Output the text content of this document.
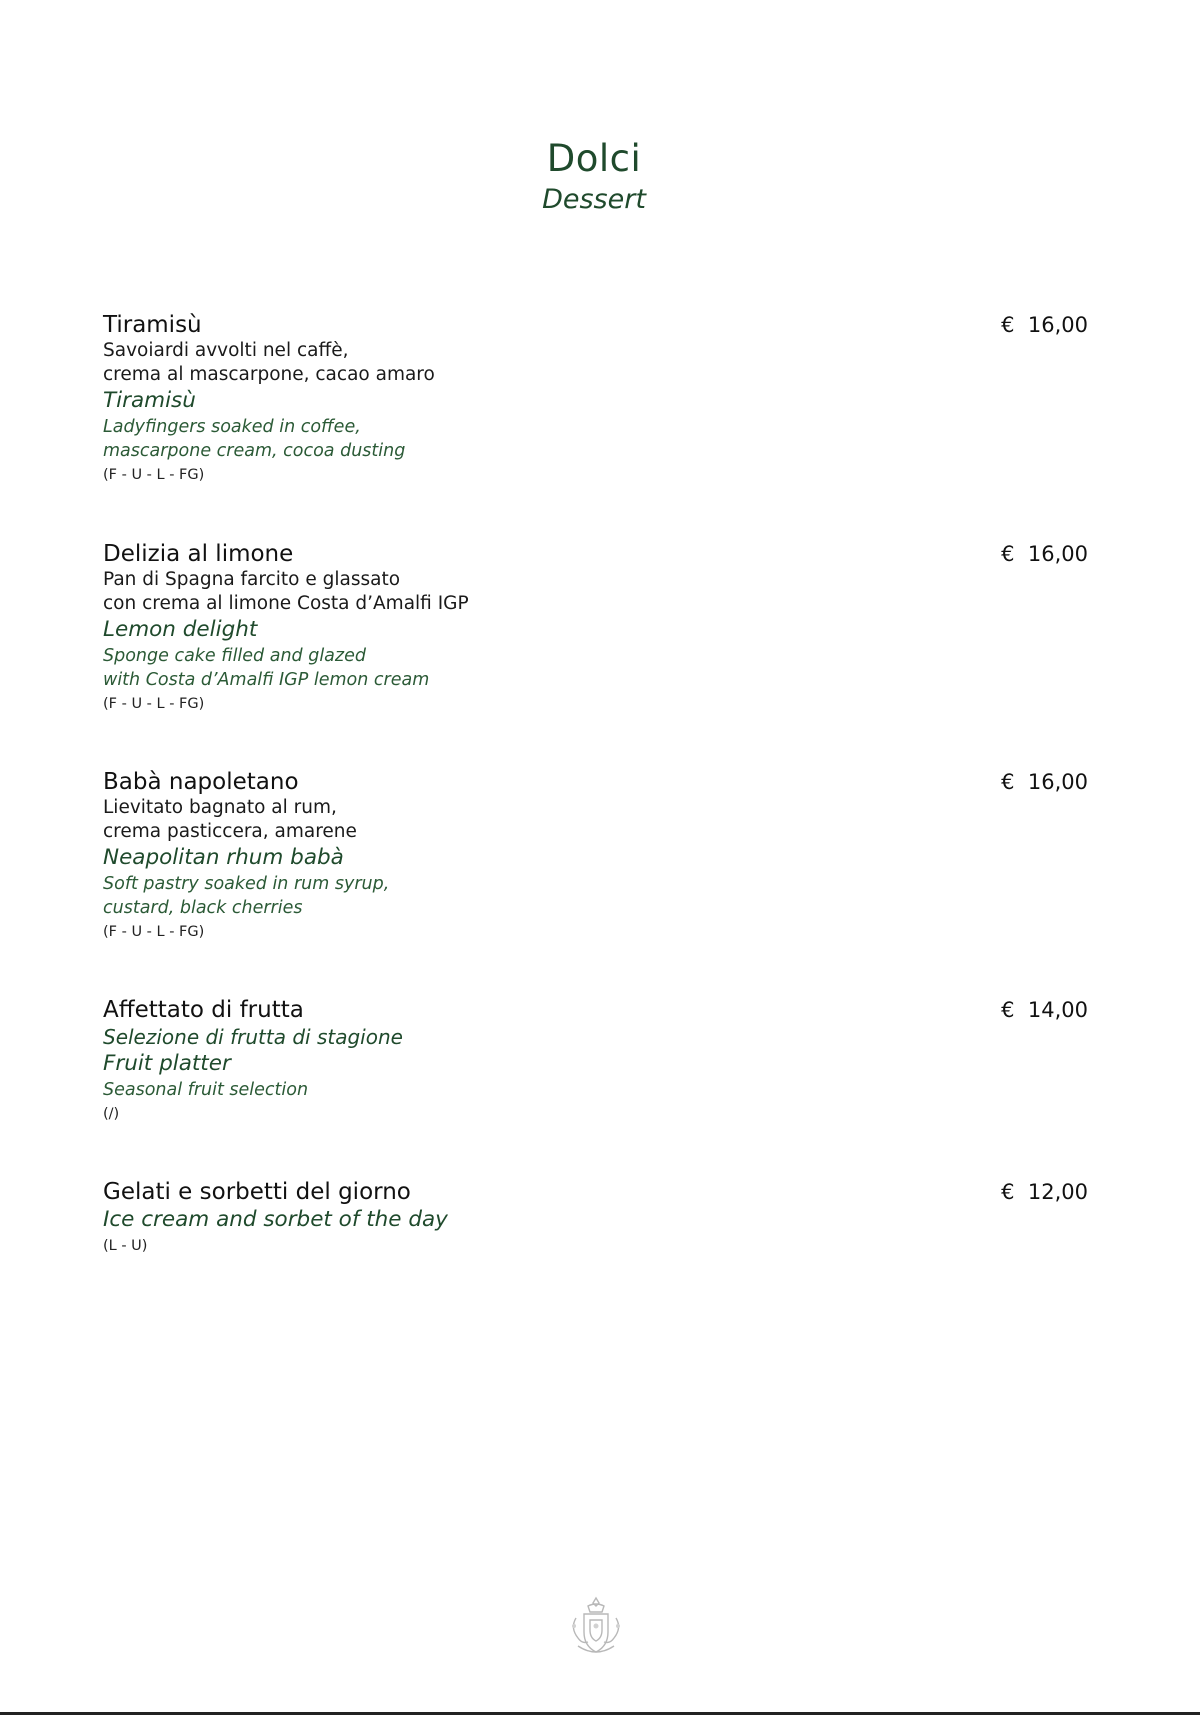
Dolci
Dessert
Tiramisù
Savoiardi avvolti nel caffè,
crema al mascarpone, cacao amaro
Tiramisù
Ladyfingers soaked in coffee,
mascarpone cream, cocoa dusting
(F - U - L - FG)
€  16,00
Delizia al limone
Pan di Spagna farcito e glassato
con crema al limone Costa d’Amalfi IGP
Lemon delight
Sponge cake filled and glazed
with Costa d’Amalfi IGP lemon cream
(F - U - L - FG)
€  16,00
Babà napoletano
Lievitato bagnato al rum,
crema pasticcera, amarene
Neapolitan rhum babà
Soft pastry soaked in rum syrup,
custard, black cherries
(F - U - L - FG)
€  16,00
Affettato di frutta
Selezione di frutta di stagione
Fruit platter
Seasonal fruit selection
(/)
€  14,00
Gelati e sorbetti del giorno
Ice cream and sorbet of the day
(L - U)
€  12,00
